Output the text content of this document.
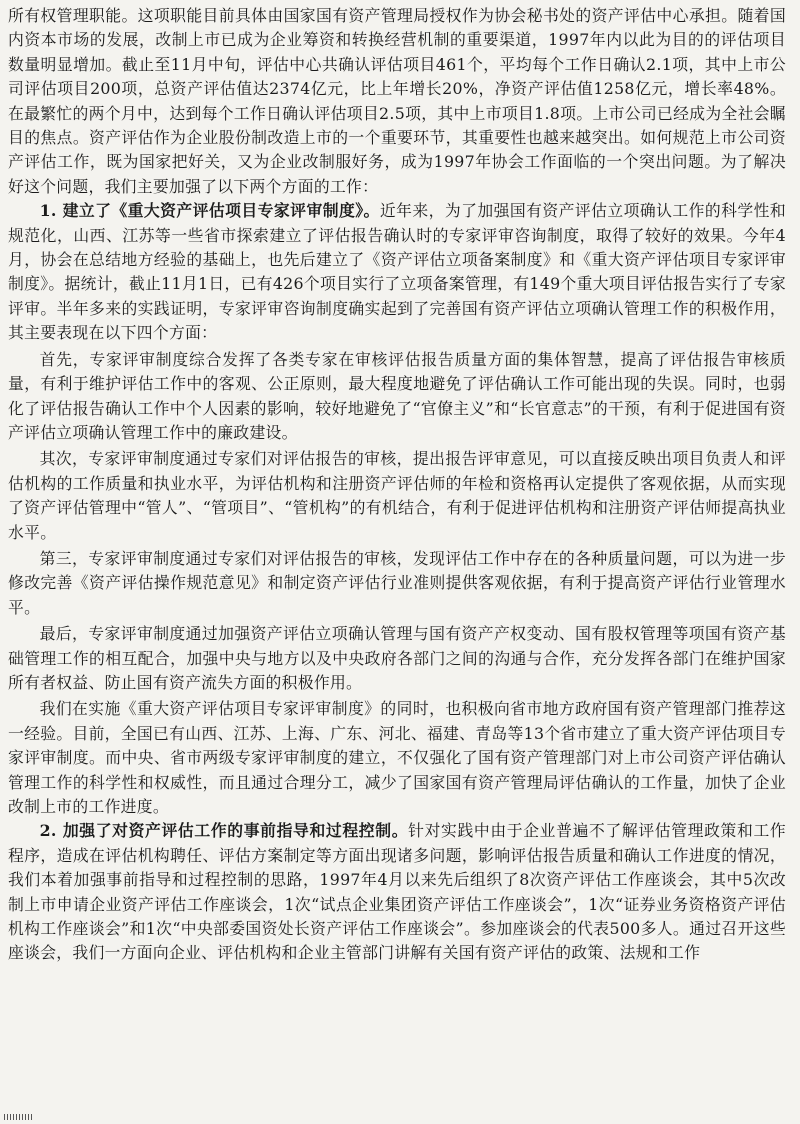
所有权管理职能。这项职能目前具体由国家国有资产管理局授权作为协会秘书处的资产评估中心承担。随着国内资本市场的发展，改制上市已成为企业筹资和转换经营机制的重要渠道，1997年内以此为目的的评估项目数量明显增加。截止至11月中旬，评估中心共确认评估项目461个，平均每个工作日确认2.1项，其中上市公司评估项目200项，总资产评估值达2374亿元，比上年增长20%，净资产评估值1258亿元，增长率48%。在最繁忙的两个月中，达到每个工作日确认评估项目2.5项，其中上市项目1.8项。上市公司已经成为全社会瞩目的焦点。资产评估作为企业股份制改造上市的一个重要环节，其重要性也越来越突出。如何规范上市公司资产评估工作，既为国家把好关，又为企业改制服好务，成为1997年协会工作面临的一个突出问题。为了解决好这个问题，我们主要加强了以下两个方面的工作：

1. 建立了《重大资产评估项目专家评审制度》。近年来，为了加强国有资产评估立项确认工作的科学性和规范化，山西、江苏等一些省市探索建立了评估报告确认时的专家评审咨询制度，取得了较好的效果。今年4月，协会在总结地方经验的基础上，也先后建立了《资产评估立项备案制度》和《重大资产评估项目专家评审制度》。据统计，截止11月1日，已有426个项目实行了立项备案管理，有149个重大项目评估报告实行了专家评审。半年多来的实践证明，专家评审咨询制度确实起到了完善国有资产评估立项确认管理工作的积极作用，其主要表现在以下四个方面：

首先，专家评审制度综合发挥了各类专家在审核评估报告质量方面的集体智慧，提高了评估报告审核质量，有利于维护评估工作中的客观、公正原则，最大程度地避免了评估确认工作可能出现的失误。同时，也弱化了评估报告确认工作中个人因素的影响，较好地避免了“官僚主义”和“长官意志”的干预，有利于促进国有资产评估立项确认管理工作中的廉政建设。

其次，专家评审制度通过专家们对评估报告的审核，提出报告评审意见，可以直接反映出项目负责人和评估机构的工作质量和执业水平，为评估机构和注册资产评估师的年检和资格再认定提供了客观依据，从而实现了资产评估管理中“管人”、“管项目”、“管机构”的有机结合，有利于促进评估机构和注册资产评估师提高执业水平。

第三，专家评审制度通过专家们对评估报告的审核，发现评估工作中存在的各种质量问题，可以为进一步修改完善《资产评估操作规范意见》和制定资产评估行业准则提供客观依据，有利于提高资产评估行业管理水平。

最后，专家评审制度通过加强资产评估立项确认管理与国有资产产权变动、国有股权管理等项国有资产基础管理工作的相互配合，加强中央与地方以及中央政府各部门之间的沟通与合作，充分发挥各部门在维护国家所有者权益、防止国有资产流失方面的积极作用。

我们在实施《重大资产评估项目专家评审制度》的同时，也积极向省市地方政府国有资产管理部门推荐这一经验。目前，全国已有山西、江苏、上海、广东、河北、福建、青岛等13个省市建立了重大资产评估项目专家评审制度。而中央、省市两级专家评审制度的建立，不仅强化了国有资产管理部门对上市公司资产评估确认管理工作的科学性和权威性，而且通过合理分工，减少了国家国有资产管理局评估确认的工作量，加快了企业改制上市的工作进度。

2. 加强了对资产评估工作的事前指导和过程控制。针对实践中由于企业普遍不了解评估管理政策和工作程序，造成在评估机构聘任、评估方案制定等方面出现诸多问题，影响评估报告质量和确认工作进度的情况，我们本着加强事前指导和过程控制的思路，1997年4月以来先后组织了8次资产评估工作座谈会，其中5次改制上市申请企业资产评估工作座谈会，1次“试点企业集团资产评估工作座谈会”，1次“证券业务资格资产评估机构工作座谈会”和1次“中央部委国资处长资产评估工作座谈会”。参加座谈会的代表500多人。通过召开这些座谈会，我们一方面向企业、评估机构和企业主管部门讲解有关国有资产评估的政策、法规和工作
